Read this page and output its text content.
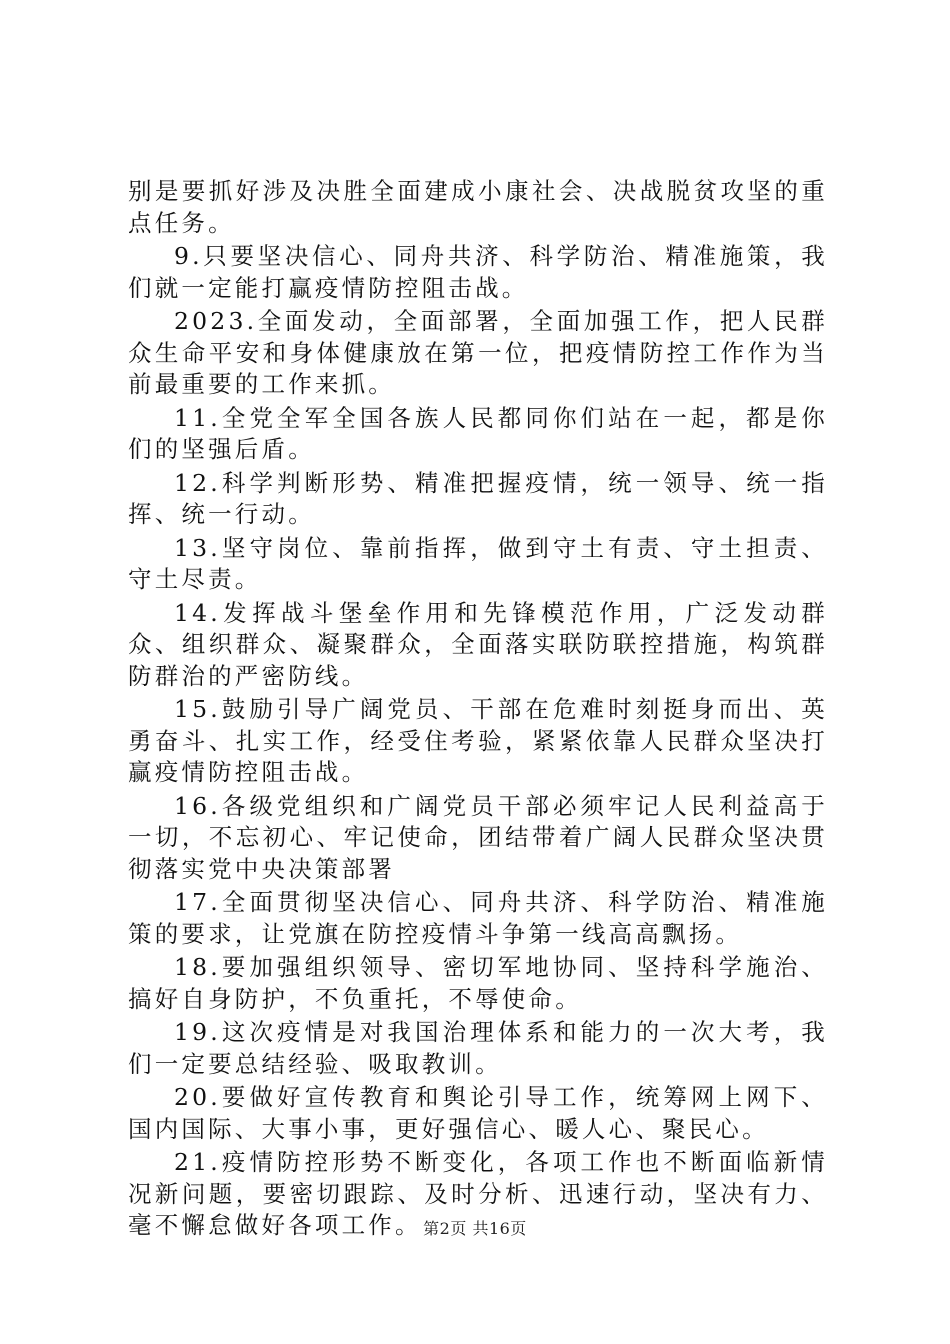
别是要抓好涉及决胜全面建成小康社会、决战脱贫攻坚的重点任务。

9.只要坚决信心、同舟共济、科学防治、精准施策，我们就一定能打赢疫情防控阻击战。

2023.全面发动，全面部署，全面加强工作，把人民群众生命平安和身体健康放在第一位，把疫情防控工作作为当前最重要的工作来抓。

11.全党全军全国各族人民都同你们站在一起，都是你们的坚强后盾。

12.科学判断形势、精准把握疫情，统一领导、统一指挥、统一行动。

13.坚守岗位、靠前指挥，做到守土有责、守土担责、守土尽责。

14.发挥战斗堡垒作用和先锋模范作用，广泛发动群众、组织群众、凝聚群众，全面落实联防联控措施，构筑群防群治的严密防线。

15.鼓励引导广阔党员、干部在危难时刻挺身而出、英勇奋斗、扎实工作，经受住考验，紧紧依靠人民群众坚决打赢疫情防控阻击战。

16.各级党组织和广阔党员干部必须牢记人民利益高于一切，不忘初心、牢记使命，团结带着广阔人民群众坚决贯彻落实党中央决策部署

17.全面贯彻坚决信心、同舟共济、科学防治、精准施策的要求，让党旗在防控疫情斗争第一线高高飘扬。

18.要加强组织领导、密切军地协同、坚持科学施治、搞好自身防护，不负重托，不辱使命。

19.这次疫情是对我国治理体系和能力的一次大考，我们一定要总结经验、吸取教训。

20.要做好宣传教育和舆论引导工作，统筹网上网下、国内国际、大事小事，更好强信心、暖人心、聚民心。

21.疫情防控形势不断变化，各项工作也不断面临新情况新问题，要密切跟踪、及时分析、迅速行动，坚决有力、毫不懈怠做好各项工作。 第2页 共16页
